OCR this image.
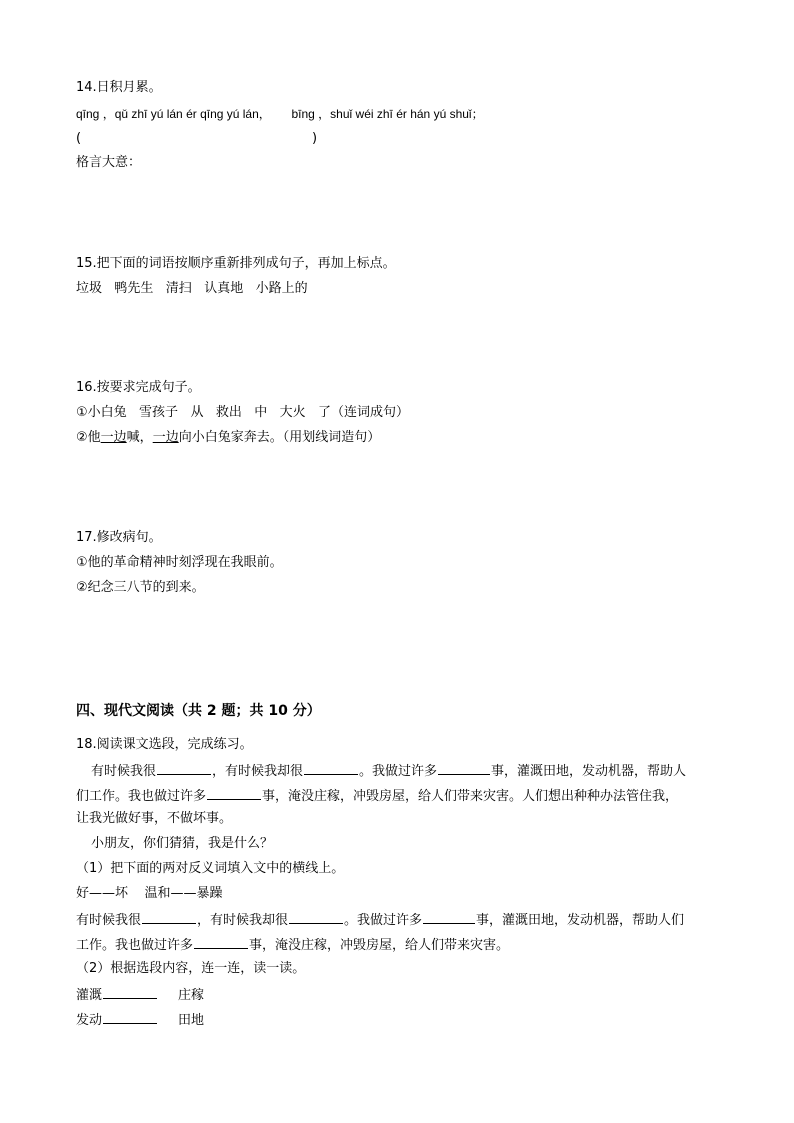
14.日积月累。
qīng ，qǔ zhī yú lán ér qīng yú lán， bīng ，shuǐ wéi zhī ér hán yú shuǐ；
(	)
格言大意：
15.把下面的词语按顺序重新排列成句子，再加上标点。
垃圾   鸭先生   清扫   认真地   小路上的
16.按要求完成句子。
①小白兔   雪孩子   从   救出   中   大火   了（连词成句）
②他一边喊，一边向小白兔家奔去。（用划线词造句）
17.修改病句。
①他的革命精神时刻浮现在我眼前。
②纪念三八节的到来。
四、现代文阅读（共 2 题；共 10 分）
18.阅读课文选段，完成练习。
有时候我很	，有时候我却很	。我做过许多	事，灌溉田地，发动机器，帮助人
们工作。我也做过许多	事，淹没庄稼，冲毁房屋，给人们带来灾害。人们想出种种办法管住我，
让我光做好事，不做坏事。
小朋友，你们猜猜，我是什么？
（1）把下面的两对反义词填入文中的横线上。
好——坏    温和——暴躁
有时候我很	，有时候我却很	。我做过许多	事，灌溉田地，发动机器，帮助人们
工作。我也做过许多	事，淹没庄稼，冲毁房屋，给人们带来灾害。
（2）根据选段内容，连一连，读一读。
灌溉	庄稼
发动	田地
